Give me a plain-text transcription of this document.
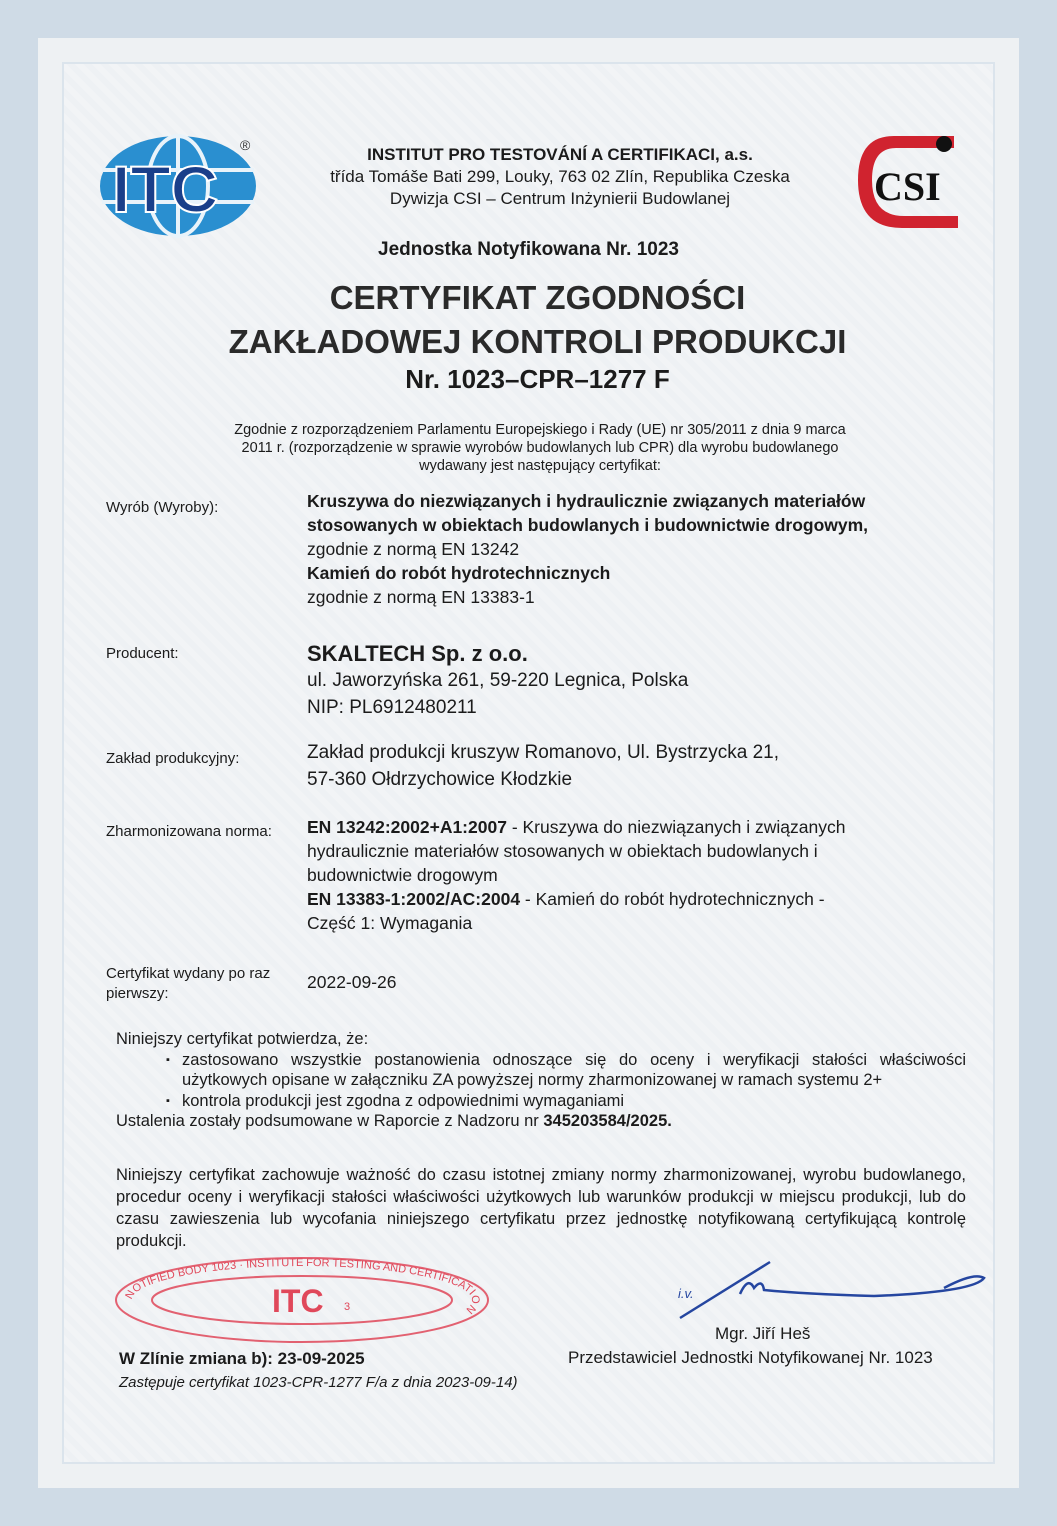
ITC
®
CSI
INSTITUT PRO TESTOVÁNÍ A CERTIFIKACI, a.s.
třída Tomáše Bati 299, Louky, 763 02 Zlín, Republika Czeska
Dywizja CSI – Centrum Inżynierii Budowlanej
Jednostka Notyfikowana Nr. 1023
CERTYFIKAT ZGODNOŚCI
ZAKŁADOWEJ KONTROLI PRODUKCJI
Nr. 1023–CPR–1277 F
Zgodnie z rozporządzeniem Parlamentu Europejskiego i Rady (UE) nr 305/2011 z dnia 9 marca
2011 r. (rozporządzenie w sprawie wyrobów budowlanych lub CPR) dla wyrobu budowlanego
wydawany jest następujący certyfikat:
Wyrób (Wyroby):	Kruszywa do niezwiązanych i hydraulicznie związanych materiałów
stosowanych w obiektach budowlanych i budownictwie drogowym,
zgodnie z normą EN 13242
Kamień do robót hydrotechnicznych
zgodnie z normą EN 13383-1
Producent:	SKALTECH Sp. z o.o.
ul. Jaworzyńska 261, 59-220 Legnica, Polska
NIP: PL6912480211
Zakład produkcyjny:	Zakład produkcji kruszyw Romanovo, Ul. Bystrzycka 21,
57-360 Ołdrzychowice Kłodzkie
Zharmonizowana norma: EN 13242:2002+A1:2007 - Kruszywa do niezwiązanych i związanych
hydraulicznie materiałów stosowanych w obiektach budowlanych i
budownictwie drogowym
EN 13383-1:2002/AC:2004 - Kamień do robót hydrotechnicznych -
Część 1: Wymagania
Certyfikat wydany po raz
pierwszy:
2022-09-26
Niniejszy certyfikat potwierdza, że:
▪ zastosowano wszystkie postanowienia odnoszące się do oceny i weryfikacji stałości właściwości użytkowych opisane w załączniku ZA powyższej normy zharmonizowanej w ramach systemu 2+
▪ kontrola produkcji jest zgodna z odpowiednimi wymaganiami
Ustalenia zostały podsumowane w Raporcie z Nadzoru nr 345203584/2025.
Niniejszy certyfikat zachowuje ważność do czasu istotnej zmiany normy zharmonizowanej, wyrobu budowlanego, procedur oceny i weryfikacji stałości właściwości użytkowych lub warunków produkcji w miejscu produkcji, lub do czasu zawieszenia lub wycofania niniejszego certyfikatu przez jednostkę notyfikowaną certyfikującą kontrolę produkcji.
NOTIFIED BODY 1023 · INSTITUTE FOR TESTING AND CERTIFICATION
ITC 3
i.v.
Mgr. Jiří Heš
Przedstawiciel Jednostki Notyfikowanej Nr. 1023
W Zlínie zmiana b): 23-09-2025
Zastępuje certyfikat 1023-CPR-1277 F/a z dnia 2023-09-14)
